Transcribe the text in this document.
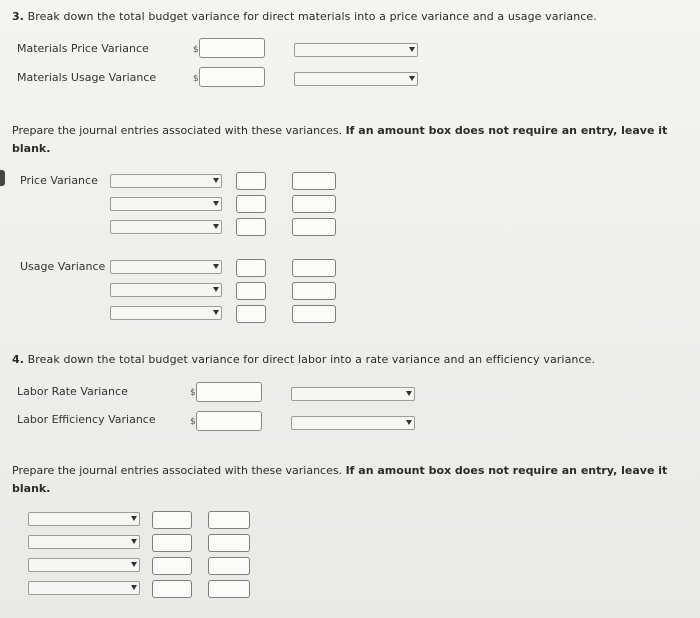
3. Break down the total budget variance for direct materials into a price variance and a usage variance.
Materials Price Variance	$
Materials Usage Variance	$
Prepare the journal entries associated with these variances. If an amount box does not require an entry, leave it blank.
Price Variance
Usage Variance
4. Break down the total budget variance for direct labor into a rate variance and an efficiency variance.
Labor Rate Variance	$
Labor Efficiency Variance	$
Prepare the journal entries associated with these variances. If an amount box does not require an entry, leave it blank.
